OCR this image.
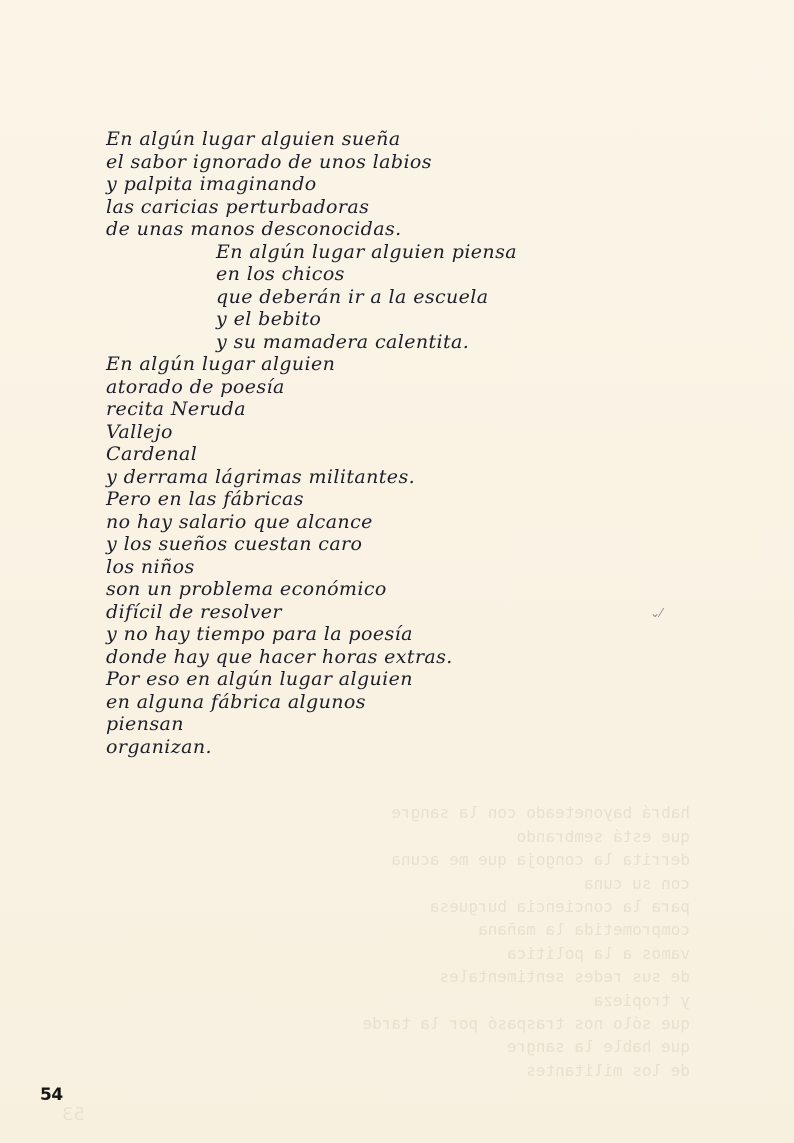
habrá bayoneteado con la sangre
que está sembrando
derrita la congoja que me acuna
con su cuna
para la conciencia burguesa
comprometida la mañana
vamos a la política
de sus redes sentimentales
y tropieza
que sólo nos traspasó por la tarde
que hable la sangre
de los militantes

53
En algún lugar alguien sueña
el sabor ignorado de unos labios
y palpita imaginando
las caricias perturbadoras
de unas manos desconocidas.
En algún lugar alguien piensa
en los chicos
que deberán ir a la escuela
y el bebito
y su mamadera calentita.
En algún lugar alguien
atorado de poesía
recita Neruda
Vallejo
Cardenal
y derrama lágrimas militantes.
Pero en las fábricas
no hay salario que alcance
y los sueños cuestan caro
los niños
son un problema económico
difícil de resolver
y no hay tiempo para la poesía
donde hay que hacer horas extras.
Por eso en algún lugar alguien
en alguna fábrica algunos
piensan
organizan.
⌄⁄
54
